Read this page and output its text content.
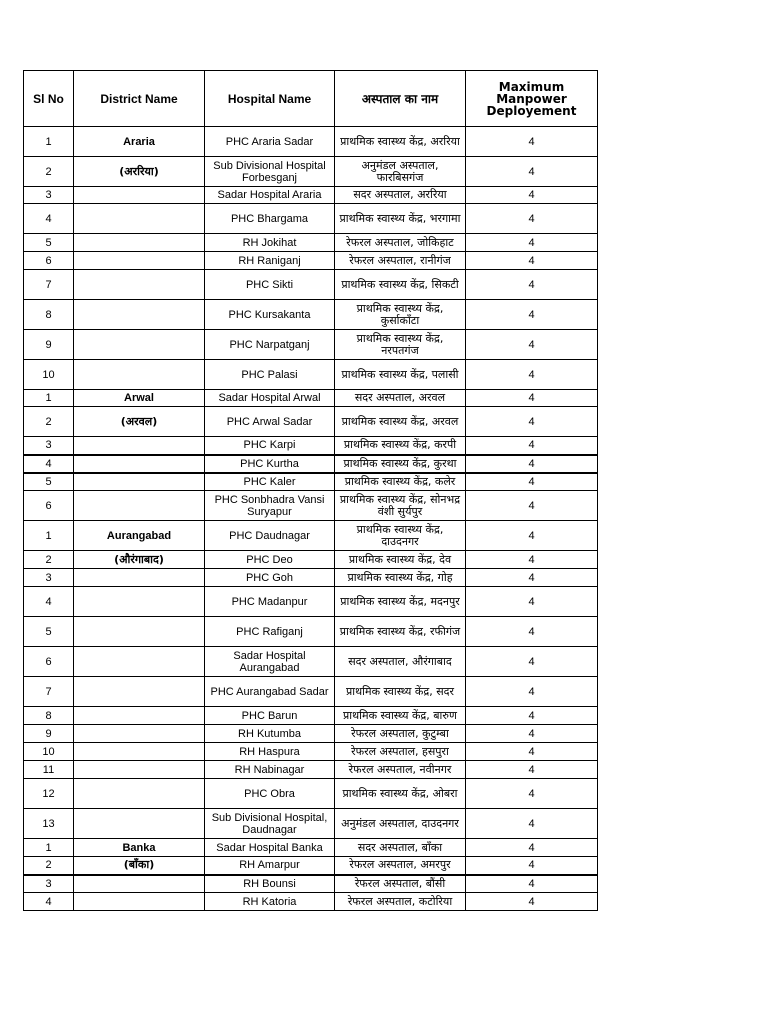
Sl No	District Name	Hospital Name	अस्पताल का नाम	Maximum Manpower Deployement
1	Araria	PHC Araria Sadar	प्राथमिक स्वास्थ्य केंद्र, अररिया	4
2	(अररिया)	Sub Divisional Hospital Forbesganj	अनुमंडल अस्पताल, फारबिसगंज	4
3		Sadar Hospital Araria	सदर अस्पताल, अररिया	4
4		PHC Bhargama	प्राथमिक स्वास्थ्य केंद्र, भरगामा	4
5		RH Jokihat	रेफरल अस्पताल, जोकिहाट	4
6		RH Raniganj	रेफरल अस्पताल, रानीगंज	4
7		PHC Sikti	प्राथमिक स्वास्थ्य केंद्र, सिकटी	4
8		PHC Kursakanta	प्राथमिक स्वास्थ्य केंद्र, कुर्साकाँटा	4
9		PHC Narpatganj	प्राथमिक स्वास्थ्य केंद्र, नरपतगंज	4
10		PHC Palasi	प्राथमिक स्वास्थ्य केंद्र, पलासी	4
1	Arwal	Sadar Hospital Arwal	सदर अस्पताल, अरवल	4
2	(अरवल)	PHC Arwal Sadar	प्राथमिक स्वास्थ्य केंद्र, अरवल	4
3		PHC Karpi	प्राथमिक स्वास्थ्य केंद्र, करपी	4
4		PHC Kurtha	प्राथमिक स्वास्थ्य केंद्र, कुरथा	4
5		PHC Kaler	प्राथमिक स्वास्थ्य केंद्र, कलेर	4
6		PHC Sonbhadra Vansi Suryapur	प्राथमिक स्वास्थ्य केंद्र, सोनभद्र वंशी सुर्यपुर	4
1	Aurangabad	PHC Daudnagar	प्राथमिक स्वास्थ्य केंद्र, दाउदनगर	4
2	(औरंगाबाद)	PHC Deo	प्राथमिक स्वास्थ्य केंद्र, देव	4
3		PHC Goh	प्राथमिक स्वास्थ्य केंद्र, गोह	4
4		PHC Madanpur	प्राथमिक स्वास्थ्य केंद्र, मदनपुर	4
5		PHC Rafiganj	प्राथमिक स्वास्थ्य केंद्र, रफीगंज	4
6		Sadar Hospital Aurangabad	सदर अस्पताल, औरंगाबाद	4
7		PHC Aurangabad Sadar	प्राथमिक स्वास्थ्य केंद्र, सदर	4
8		PHC Barun	प्राथमिक स्वास्थ्य केंद्र, बारुण	4
9		RH Kutumba	रेफरल अस्पताल, कुटुम्बा	4
10		RH Haspura	रेफरल अस्पताल, हसपुरा	4
11		RH Nabinagar	रेफरल अस्पताल, नवीनगर	4
12		PHC Obra	प्राथमिक स्वास्थ्य केंद्र, ओबरा	4
13		Sub Divisional Hospital, Daudnagar	अनुमंडल अस्पताल, दाउदनगर	4
1	Banka	Sadar Hospital Banka	सदर अस्पताल, बाँका	4
2	(बाँका)	RH Amarpur	रेफरल अस्पताल, अमरपुर	4
3		RH Bounsi	रेफरल अस्पताल, बौंसी	4
4		RH Katoria	रेफरल अस्पताल, कटोरिया	4
